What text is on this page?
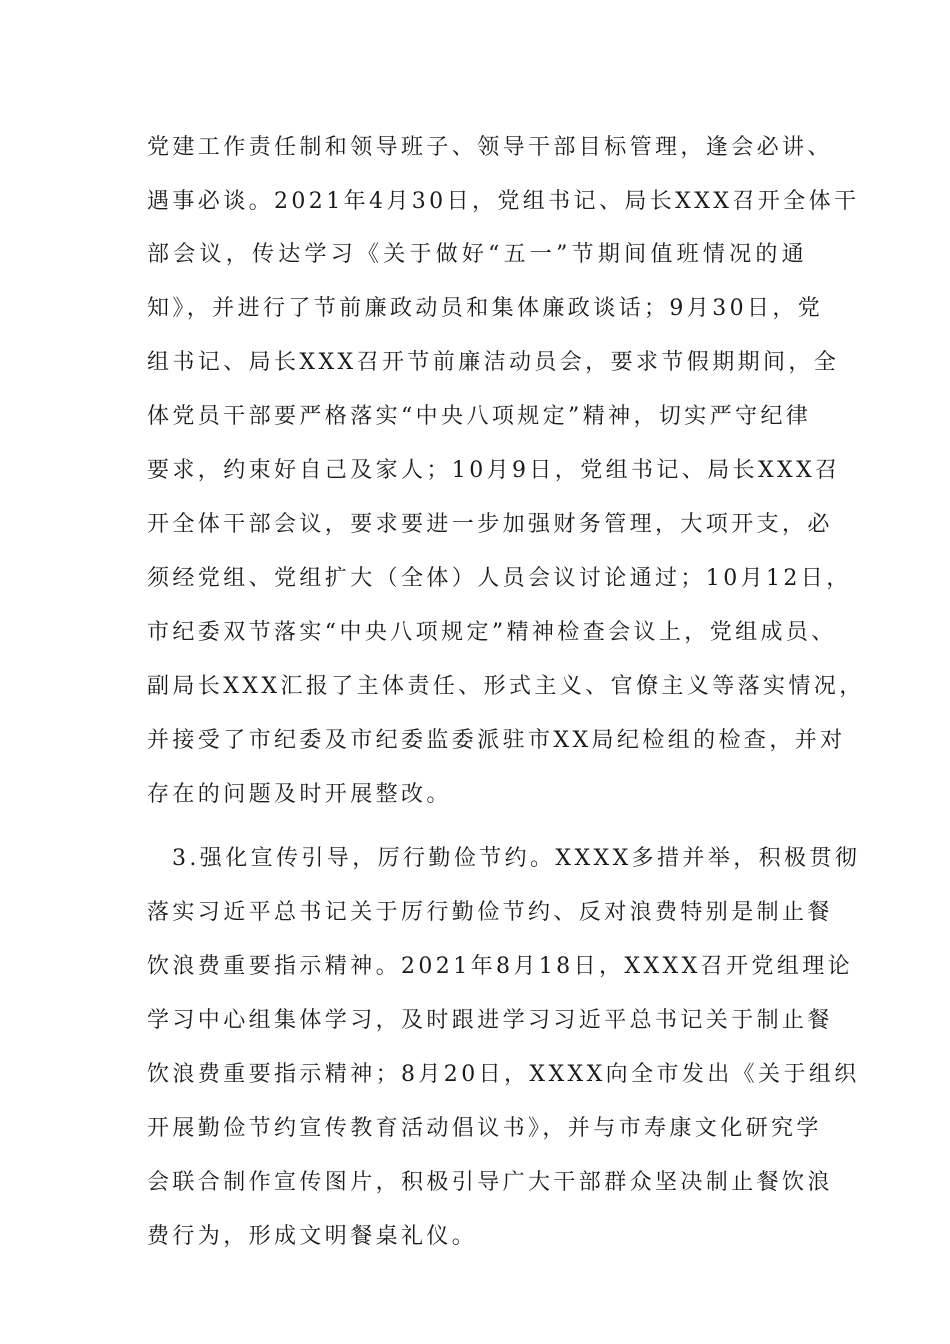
党建工作责任制和领导班子、领导干部目标管理，逢会必讲、
遇事必谈。2021年4月30日，党组书记、局长XXX召开全体干
部会议，传达学习《关于做好“五一”节期间值班情况的通
知》，并进行了节前廉政动员和集体廉政谈话；9月30日，党
组书记、局长XXX召开节前廉洁动员会，要求节假期期间，全
体党员干部要严格落实“中央八项规定”精神，切实严守纪律
要求，约束好自己及家人；10月9日，党组书记、局长XXX召
开全体干部会议，要求要进一步加强财务管理，大项开支，必
须经党组、党组扩大（全体）人员会议讨论通过；10月12日，
市纪委双节落实“中央八项规定”精神检查会议上，党组成员、
副局长XXX汇报了主体责任、形式主义、官僚主义等落实情况，
并接受了市纪委及市纪委监委派驻市XX局纪检组的检查，并对
存在的问题及时开展整改。
3.强化宣传引导，厉行勤俭节约。XXXX多措并举，积极贯彻
落实习近平总书记关于厉行勤俭节约、反对浪费特别是制止餐
饮浪费重要指示精神。2021年8月18日，XXXX召开党组理论
学习中心组集体学习，及时跟进学习习近平总书记关于制止餐
饮浪费重要指示精神；8月20日，XXXX向全市发出《关于组织
开展勤俭节约宣传教育活动倡议书》，并与市寿康文化研究学
会联合制作宣传图片，积极引导广大干部群众坚决制止餐饮浪
费行为，形成文明餐桌礼仪。
